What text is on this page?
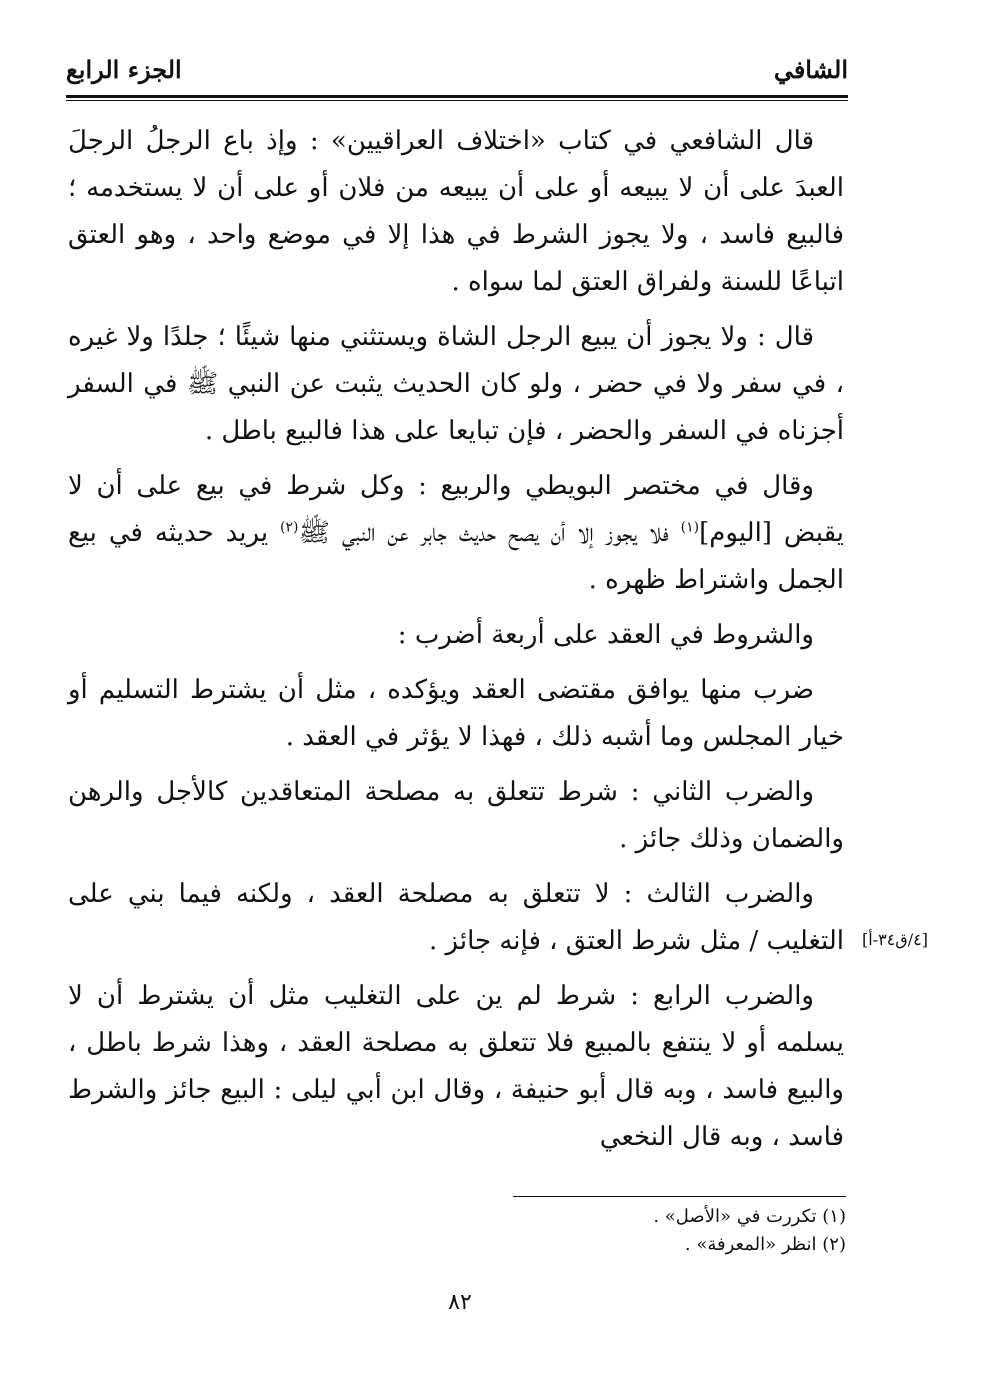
الشافي
الجزء الرابع

قال الشافعي في كتاب «اختلاف العراقيين» : وإذ باع الرجلُ الرجلَ العبدَ على أن لا يبيعه أو على أن يبيعه من فلان أو على أن لا يستخدمه ؛ فالبيع فاسد ، ولا يجوز الشرط في هذا إلا في موضع واحد ، وهو العتق اتباعًا للسنة ولفراق العتق لما سواه .

قال : ولا يجوز أن يبيع الرجل الشاة ويستثني منها شيئًا ؛ جلدًا ولا غيره ، في سفر ولا في حضر ، ولو كان الحديث يثبت عن النبي ﷺ في السفر أجزناه في السفر والحضر ، فإن تبايعا على هذا فالبيع باطل .

وقال في مختصر البويطي والربيع : وكل شرط في بيع على أن لا يقبض [اليوم]$^{(١)}$ فلا يجوز إلا أن يصح حديث جابر عن النبي ﷺ$^{(٢)}$ يريد حديثه في بيع الجمل واشتراط ظهره .

والشروط في العقد على أربعة أضرب :

ضرب منها يوافق مقتضى العقد ويؤكده ، مثل أن يشترط التسليم أو خيار المجلس وما أشبه ذلك ، فهذا لا يؤثر في العقد .

والضرب الثاني : شرط تتعلق به مصلحة المتعاقدين كالأجل والرهن والضمان وذلك جائز .

والضرب الثالث : لا تتعلق به مصلحة العقد ، ولكنه فيما بني على التغليب / مثل شرط العتق ، فإنه جائز .

والضرب الرابع : شرط لم ين على التغليب مثل أن يشترط أن لا يسلمه أو لا ينتفع بالمبيع فلا تتعلق به مصلحة العقد ، وهذا شرط باطل ، والبيع فاسد ، وبه قال أبو حنيفة ، وقال ابن أبي ليلى : البيع جائز والشرط فاسد ، وبه قال النخعي

[٤/ق٣٤-أ]
(١) تكررت في «الأصل» .
(٢) انظر «المعرفة» .
٨٢
